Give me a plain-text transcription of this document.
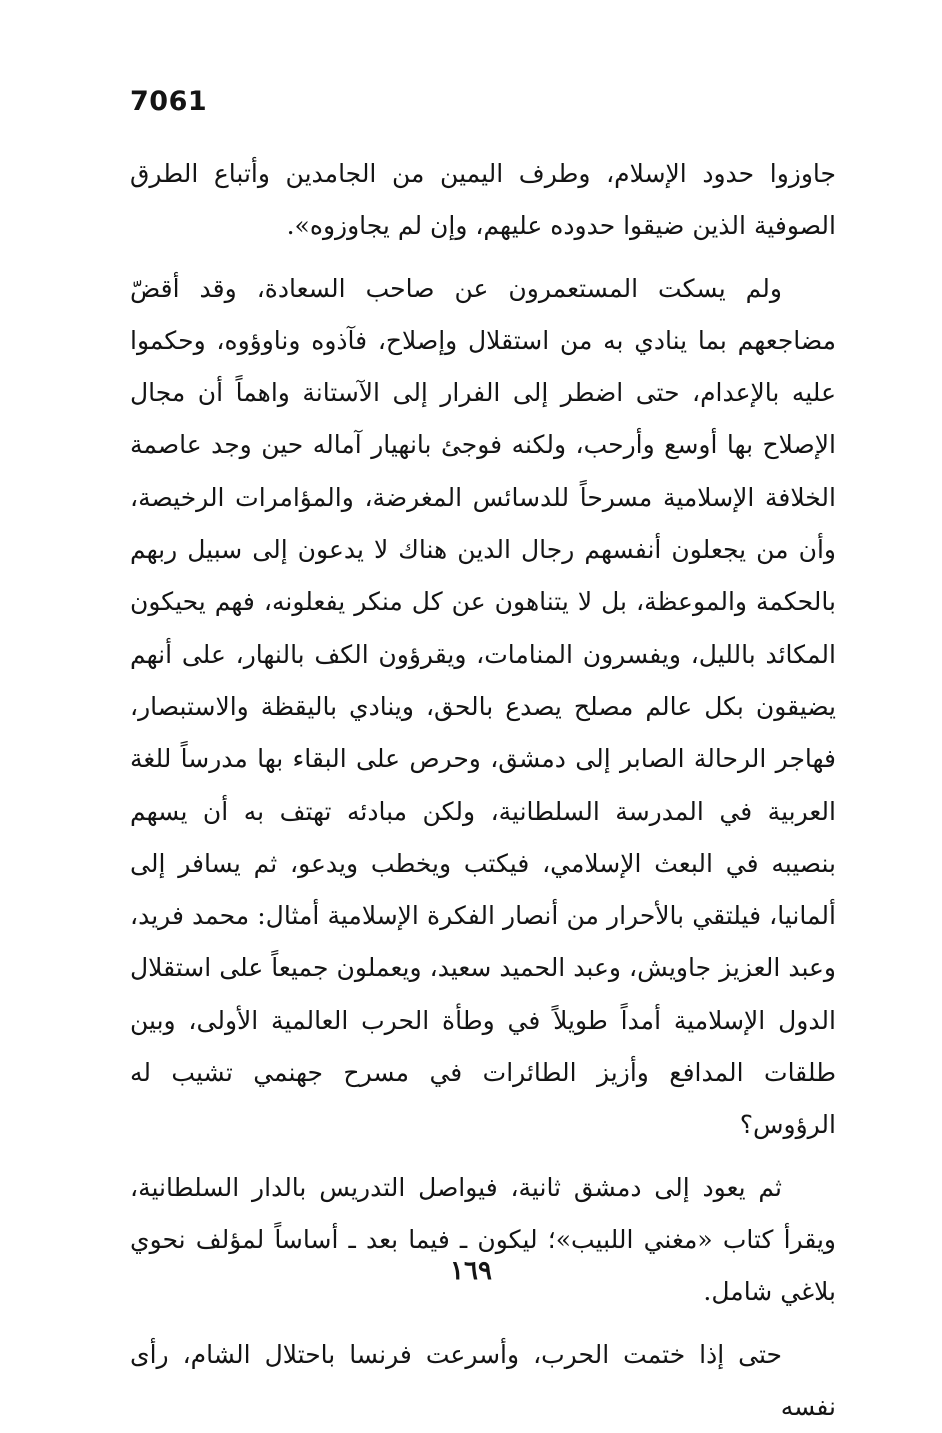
7061

جاوزوا حدود الإسلام، وطرف اليمين من الجامدين وأتباع الطرق الصوفية الذين ضيقوا حدوده عليهم، وإن لم يجاوزوه».

ولم يسكت المستعمرون عن صاحب السعادة، وقد أقضّ مضاجعهم بما ينادي به من استقلال وإصلاح، فآذوه وناوؤوه، وحكموا عليه بالإعدام، حتى اضطر إلى الفرار إلى الآستانة واهماً أن مجال الإصلاح بها أوسع وأرحب، ولكنه فوجئ بانهيار آماله حين وجد عاصمة الخلافة الإسلامية مسرحاً للدسائس المغرضة، والمؤامرات الرخيصة، وأن من يجعلون أنفسهم رجال الدين هناك لا يدعون إلى سبيل ربهم بالحكمة والموعظة، بل لا يتناهون عن كل منكر يفعلونه، فهم يحيكون المكائد بالليل، ويفسرون المنامات، ويقرؤون الكف بالنهار، على أنهم يضيقون بكل عالم مصلح يصدع بالحق، وينادي باليقظة والاستبصار، فهاجر الرحالة الصابر إلى دمشق، وحرص على البقاء بها مدرساً للغة العربية في المدرسة السلطانية، ولكن مبادئه تهتف به أن يسهم بنصيبه في البعث الإسلامي، فيكتب ويخطب ويدعو، ثم يسافر إلى ألمانيا، فيلتقي بالأحرار من أنصار الفكرة الإسلامية أمثال: محمد فريد، وعبد العزيز جاويش، وعبد الحميد سعيد، ويعملون جميعاً على استقلال الدول الإسلامية أمداً طويلاً في وطأة الحرب العالمية الأولى، وبين طلقات المدافع وأزيز الطائرات في مسرح جهنمي تشيب له الرؤوس؟

ثم يعود إلى دمشق ثانية، فيواصل التدريس بالدار السلطانية، ويقرأ كتاب «مغني اللبيب»؛ ليكون ـ فيما بعد ـ أساساً لمؤلف نحوي بلاغي شامل.

حتى إذا ختمت الحرب، وأسرعت فرنسا باحتلال الشام، رأى نفسه

١٦٩
